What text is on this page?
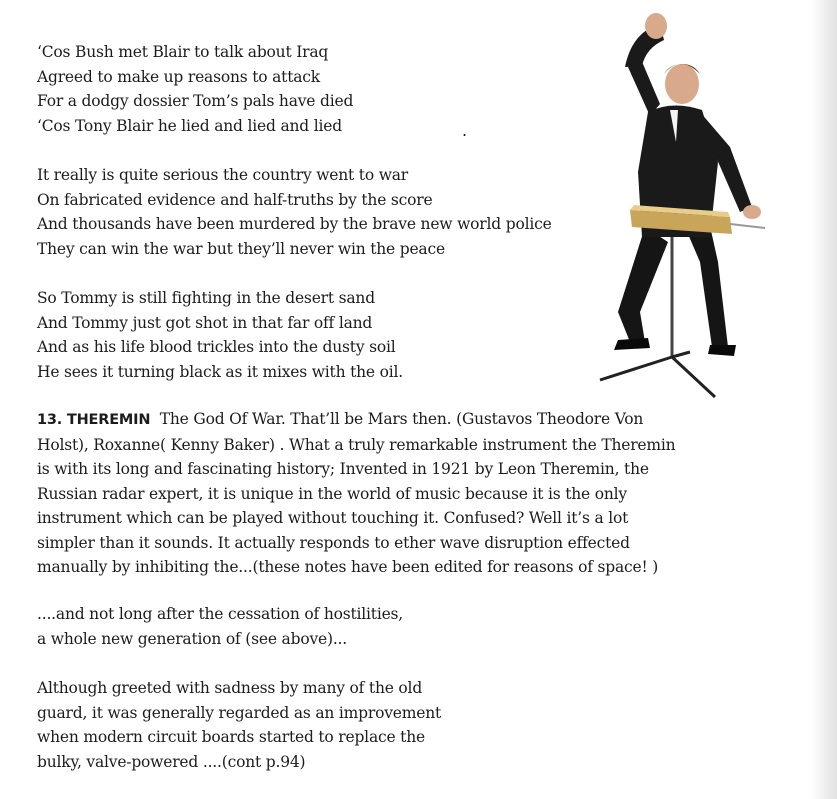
‘Cos Bush met Blair to talk about Iraq
Agreed to make up reasons to attack
For a dodgy dossier Tom’s pals have died
‘Cos Tony Blair he lied and lied and lied

It really is quite serious the country went to war
On fabricated evidence and half-truths by the score
And thousands have been murdered by the brave new world police
They can win the war but they’ll never win the peace

So Tommy is still fighting in the desert sand
And Tommy just got shot in that far off land
And as his life blood trickles into the dusty soil
He sees it turning black as it mixes with the oil.

.

13. THEREMIN The God Of War. That’ll be Mars then. (Gustavos Theodore Von
Holst), Roxanne( Kenny Baker) . What a truly remarkable instrument the Theremin
is with its long and fascinating history; Invented in 1921 by Leon Theremin, the
Russian radar expert, it is unique in the world of music because it is the only
instrument which can be played without touching it. Confused? Well it’s a lot
simpler than it sounds. It actually responds to ether wave disruption effected
manually by inhibiting the...(these notes have been edited for reasons of space! )

....and not long after the cessation of hostilities,
a whole new generation of (see above)...

Although greeted with sadness by many of the old
guard, it was generally regarded as an improvement
when modern circuit boards started to replace the
bulky, valve-powered ....(cont p.94)
